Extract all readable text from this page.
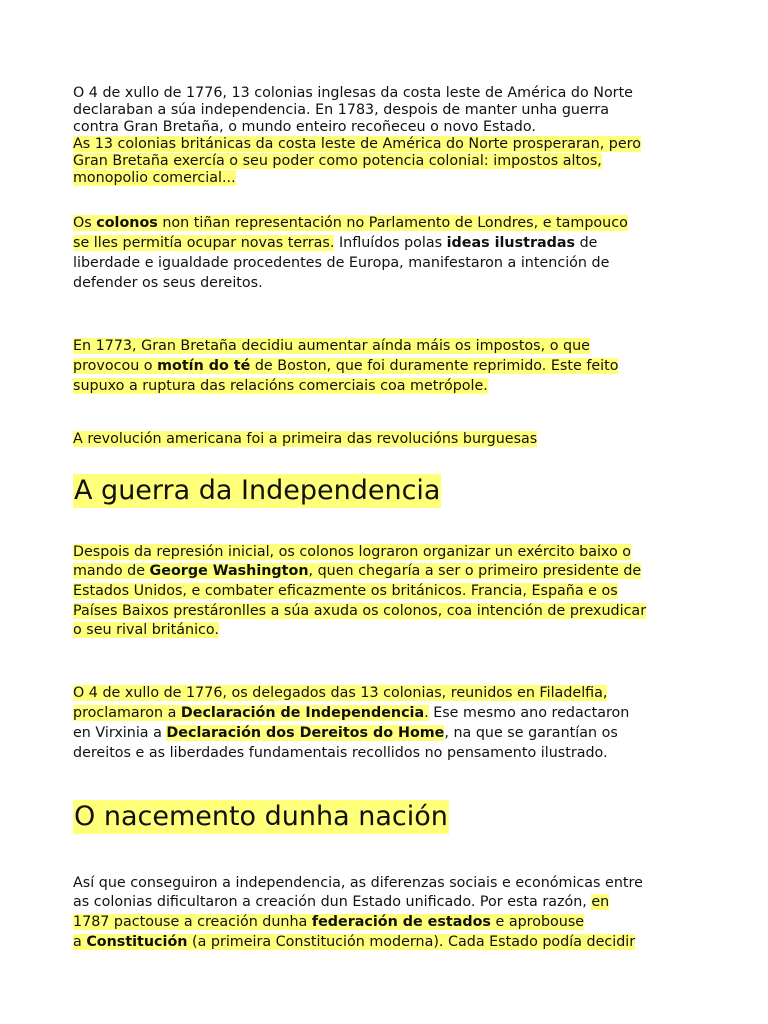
O 4 de xullo de 1776, 13 colonias inglesas da costa leste de América do Norte
declaraban a súa independencia. En 1783, despois de manter unha guerra
contra Gran Bretaña, o mundo enteiro recoñeceu o novo Estado.
As 13 colonias británicas da costa leste de América do Norte prosperaran, pero
Gran Bretaña exercía o seu poder como potencia colonial: impostos altos,
monopolio comercial...
Os colonos non tiñan representación no Parlamento de Londres, e tampouco
se lles permitía ocupar novas terras. Influídos polas ideas ilustradas de
liberdade e igualdade procedentes de Europa, manifestaron a intención de
defender os seus dereitos.
En 1773, Gran Bretaña decidiu aumentar aínda máis os impostos, o que
provocou o motín do té de Boston, que foi duramente reprimido. Este feito
supuxo a ruptura das relacións comerciais coa metrópole.
A revolución americana foi a primeira das revolucións burguesas
A guerra da Independencia
Despois da represión inicial, os colonos lograron organizar un exército baixo o
mando de George Washington, quen chegaría a ser o primeiro presidente de
Estados Unidos, e combater eficazmente os británicos. Francia, España e os
Países Baixos prestáronlles a súa axuda os colonos, coa intención de prexudicar
o seu rival británico.
O 4 de xullo de 1776, os delegados das 13 colonias, reunidos en Filadelfia,
proclamaron a Declaración de Independencia. Ese mesmo ano redactaron
en Virxinia a Declaración dos Dereitos do Home, na que se garantían os
dereitos e as liberdades fundamentais recollidos no pensamento ilustrado.
O nacemento dunha nación
Así que conseguiron a independencia, as diferenzas sociais e económicas entre
as colonias dificultaron a creación dun Estado unificado. Por esta razón, en
1787 pactouse a creación dunha federación de estados e aprobouse
a Constitución (a primeira Constitución moderna). Cada Estado podía decidir
